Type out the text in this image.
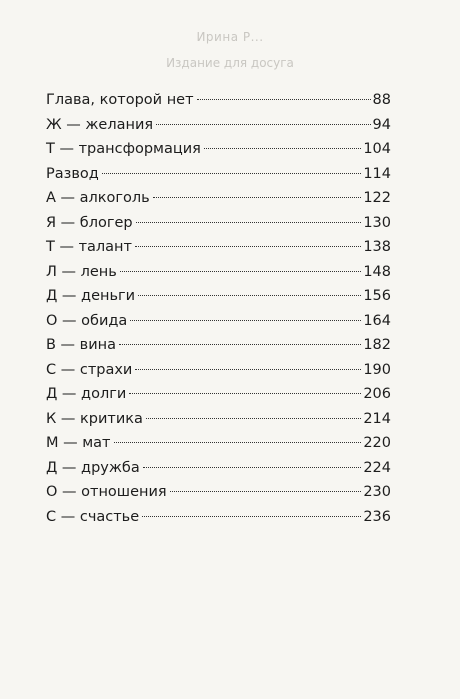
Ирина Р...
Издание для досуга
Глава, которой нет	88
Ж — желания	94
Т — трансформация	104
Развод	114
А — алкоголь	122
Я — блогер	130
Т — талант	138
Л — лень	148
Д — деньги	156
О — обида	164
В — вина	182
С — страхи	190
Д — долги	206
К — критика	214
М — мат	220
Д — дружба	224
О — отношения	230
С — счастье	236
